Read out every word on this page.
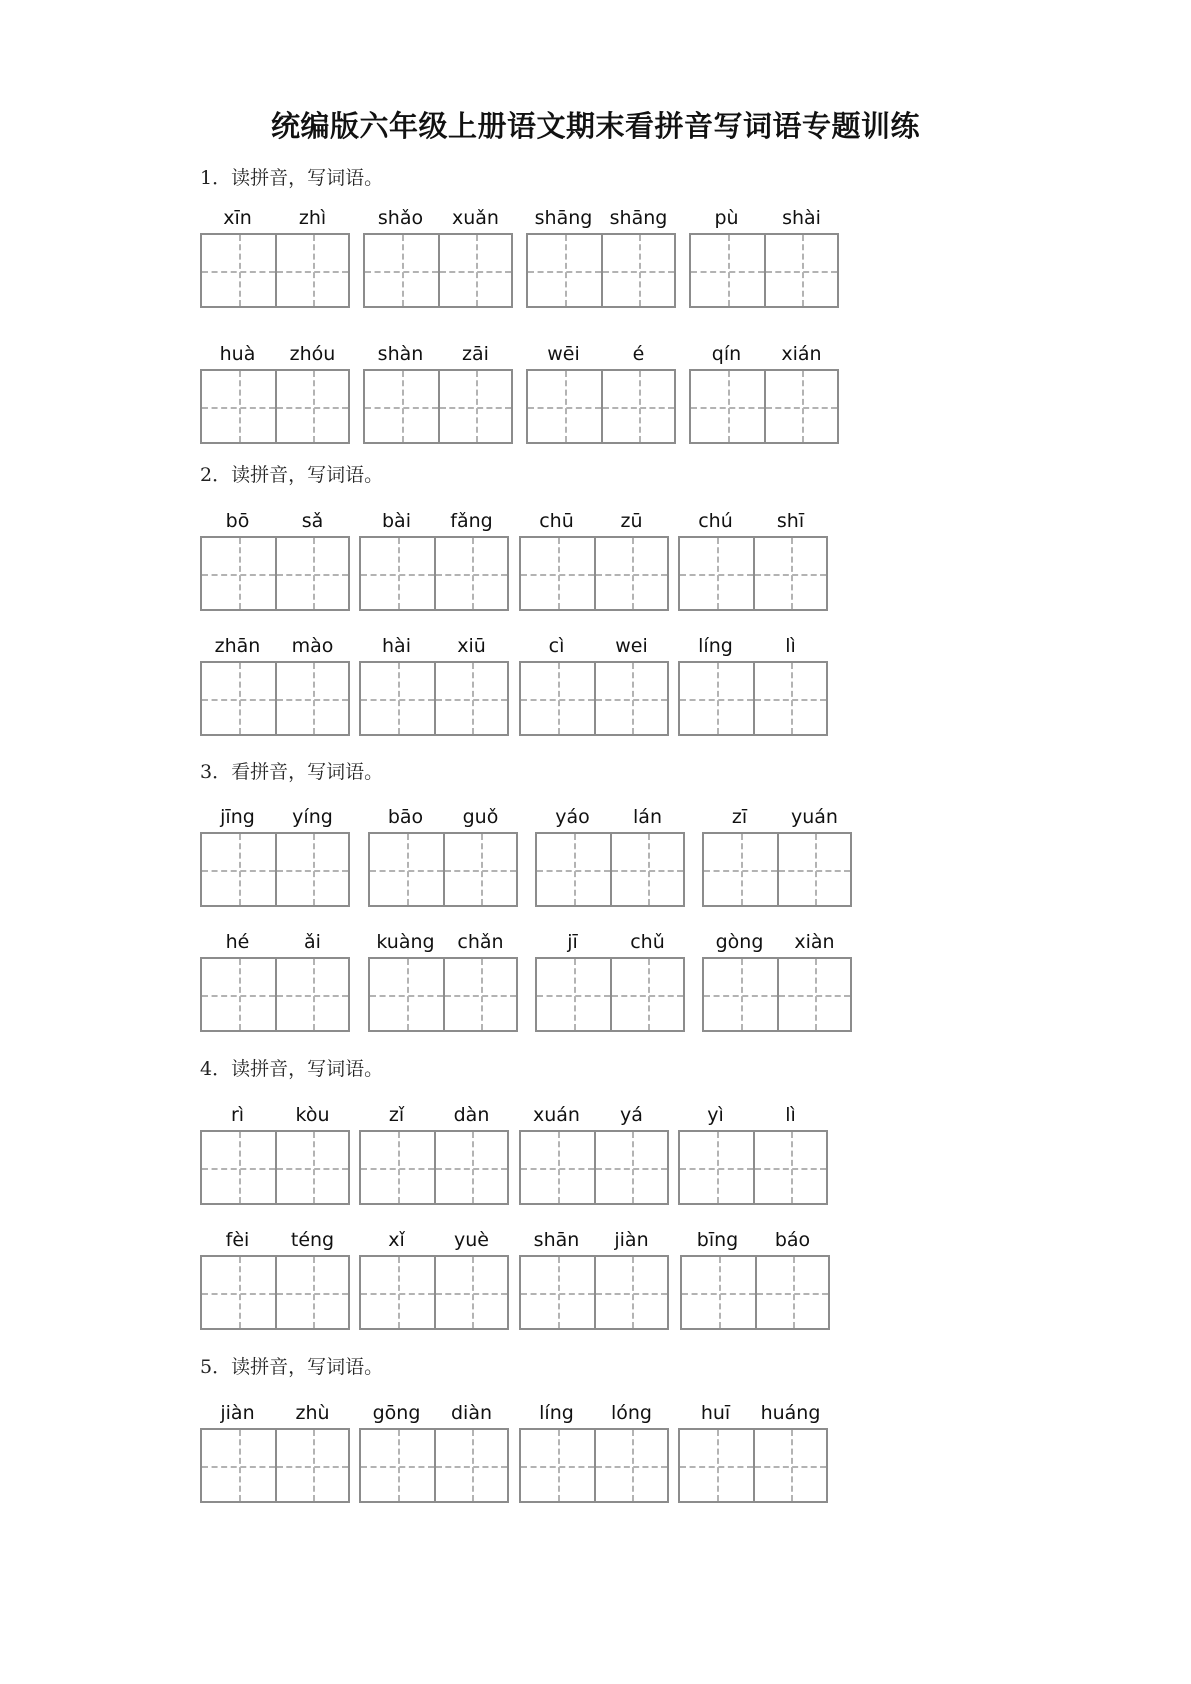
统编版六年级上册语文期末看拼音写词语专题训练
1．读拼音，写词语。
xīn	zhì	shǎo	xuǎn	shāng shāng	pù	shài
huà	zhóu	shàn	zāi	wēi	é	qín	xián
2．读拼音，写词语。
bō	sǎ	bài	fǎng	chū	zū	chú	shī
zhān	mào	hài	xiū	cì	wei	líng	lì
3．看拼音，写词语。
jīng	yíng	bāo	guǒ	yáo	lán	zī	yuán
hé	ǎi	kuàng	chǎn	jī	chǔ	gòng	xiàn
4．读拼音，写词语。
rì	kòu	zǐ	dàn	xuán	yá	yì	lì
fèi	téng	xǐ	yuè	shān	jiàn	bīng	báo
5．读拼音，写词语。
jiàn	zhù	gōng	diàn	líng	lóng	huī	huáng
